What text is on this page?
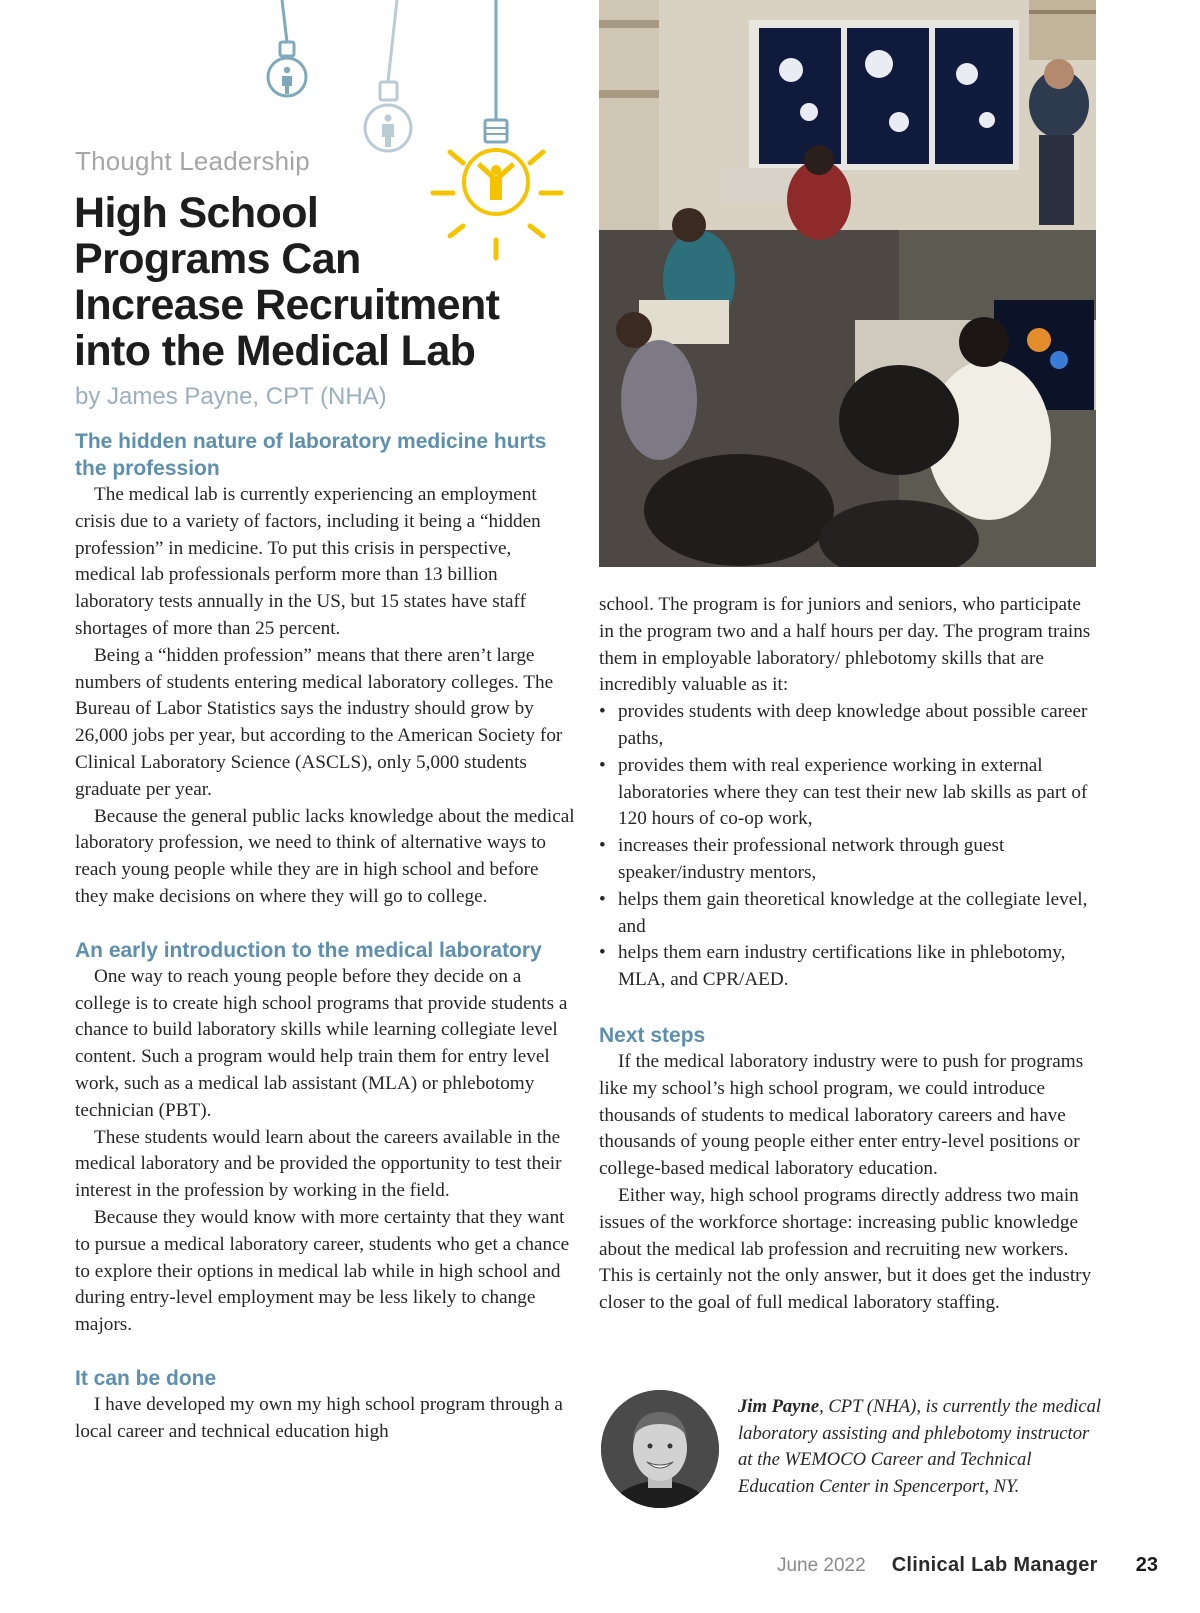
Thought Leadership
High School Programs Can Increase Recruitment into the Medical Lab
by James Payne, CPT (NHA)
The hidden nature of laboratory medicine hurts the profession

The medical lab is currently experiencing an employment crisis due to a variety of factors, including it being a “hidden profession” in medicine. To put this crisis in perspective, medical lab professionals perform more than 13 billion laboratory tests annually in the US, but 15 states have staff shortages of more than 25 percent.

Being a “hidden profession” means that there aren’t large numbers of students entering medical laboratory colleges. The Bureau of Labor Statistics says the industry should grow by 26,000 jobs per year, but according to the American Society for Clinical Laboratory Science (ASCLS), only 5,000 students graduate per year.

Because the general public lacks knowledge about the medical laboratory profession, we need to think of alternative ways to reach young people while they are in high school and before they make decisions on where they will go to college.

An early introduction to the medical laboratory

One way to reach young people before they decide on a college is to create high school programs that provide students a chance to build laboratory skills while learning collegiate level content. Such a program would help train them for entry level work, such as a medical lab assistant (MLA) or phlebotomy technician (PBT).

These students would learn about the careers available in the medical laboratory and be provided the opportunity to test their interest in the profession by working in the field.

Because they would know with more certainty that they want to pursue a medical laboratory career, students who get a chance to explore their options in medical lab while in high school and during entry-level employment may be less likely to change majors.

It can be done

I have developed my own my high school program through a local career and technical education high

school. The program is for juniors and seniors, who participate in the program two and a half hours per day. The program trains them in employable laboratory/ phlebotomy skills that are incredibly valuable as it:

• provides students with deep knowledge about possible career paths,
• provides them with real experience working in external laboratories where they can test their new lab skills as part of 120 hours of co-op work,
• increases their professional network through guest speaker/industry mentors,
• helps them gain theoretical knowledge at the collegiate level, and
• helps them earn industry certifications like in phlebotomy, MLA, and CPR/AED.
Next steps

If the medical laboratory industry were to push for programs like my school’s high school program, we could introduce thousands of students to medical laboratory careers and have thousands of young people either enter entry-level positions or college-based medical laboratory education.

Either way, high school programs directly address two main issues of the workforce shortage: increasing public knowledge about the medical lab profession and recruiting new workers. This is certainly not the only answer, but it does get the industry closer to the goal of full medical laboratory staffing.

Jim Payne, CPT (NHA), is currently the medical laboratory assisting and phlebotomy instructor at the WEMOCO Career and Technical Education Center in Spencerport, NY.

June 2022 Clinical Lab Manager 23
